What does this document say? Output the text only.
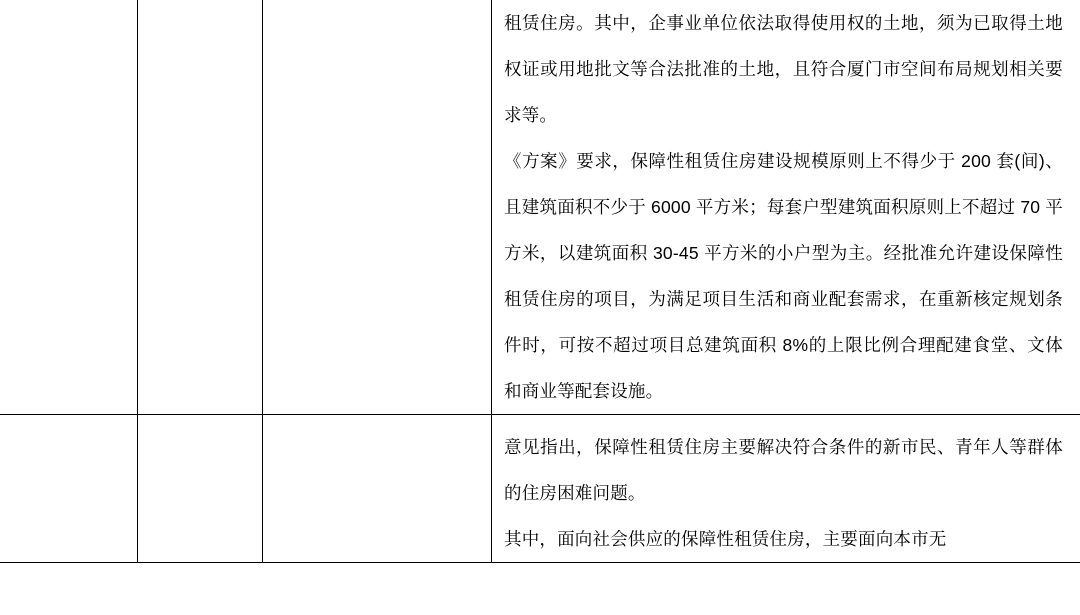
			租赁住房。其中，企事业单位依法取得使用权的土地，须为已取得土地权证或用地批文等合法批准的土地，且符合厦门市空间布局规划相关要求等。

《方案》要求，保障性租赁住房建设规模原则上不得少于 200 套(间)、且建筑面积不少于 6000 平方米；每套户型建筑面积原则上不超过 70 平方米，以建筑面积 30-45 平方米的小户型为主。经批准允许建设保障性租赁住房的项目，为满足项目生活和商业配套需求，在重新核定规划条件时，可按不超过项目总建筑面积 8%的上限比例合理配建食堂、文体和商业等配套设施。

			意见指出，保障性租赁住房主要解决符合条件的新市民、青年人等群体的住房困难问题。

其中，面向社会供应的保障性租赁住房，主要面向本市无
